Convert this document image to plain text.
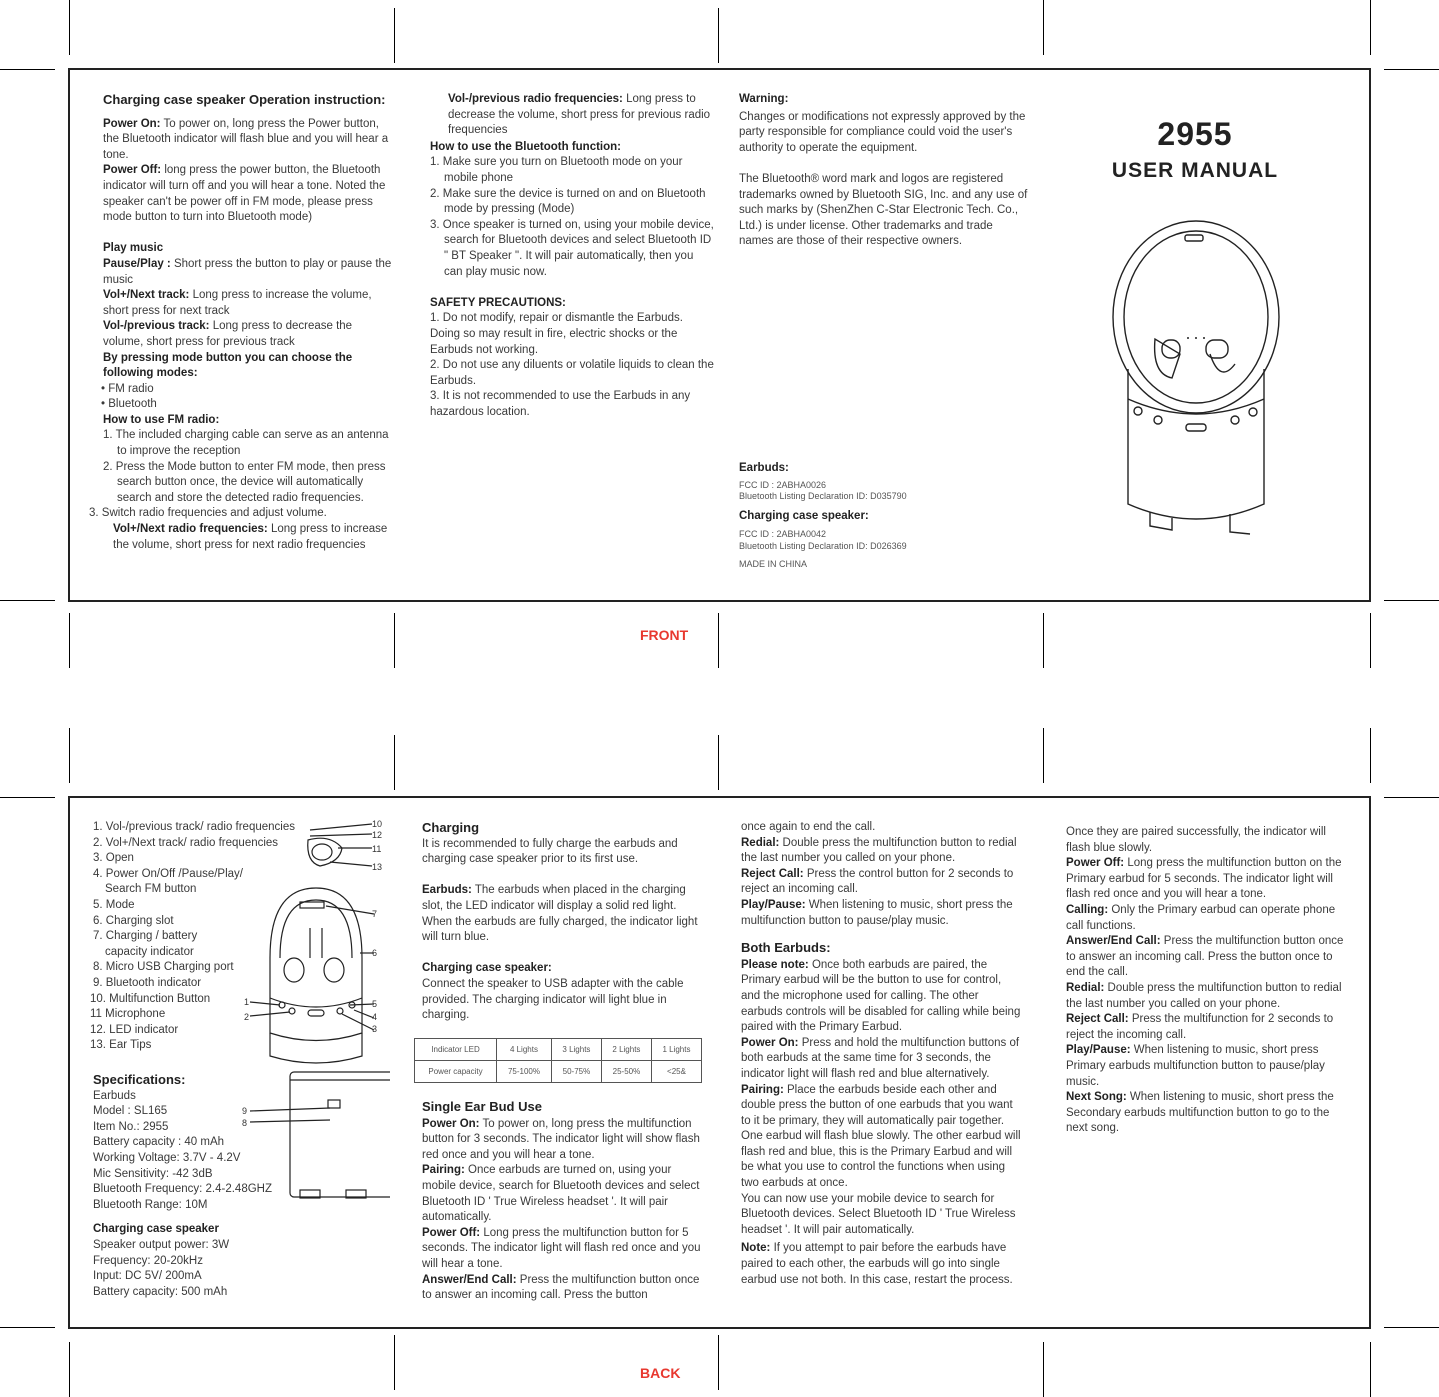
Charging case speaker Operation instruction:

Power On: To power on, long press the Power button, the Bluetooth indicator will flash blue and you will hear a tone.

Power Off: long press the power button, the Bluetooth indicator will turn off and you will hear a tone. Noted the speaker can't be power off in FM mode, please press mode button to turn into Bluetooth mode)

Play music

Pause/Play : Short press the button to play or pause the music

Vol+/Next track: Long press to increase the volume, short press for next track

Vol-/previous track: Long press to decrease the volume, short press for previous track

By pressing mode button you can choose the following modes:

• FM radio

• Bluetooth

How to use FM radio:

1. The included charging cable can serve as an antenna to improve the reception

2. Press the Mode button to enter FM mode, then press search button once, the device will automatically search and store the detected radio frequencies.

3. Switch radio frequencies and adjust volume.

Vol+/Next radio frequencies: Long press to increase the volume, short press for next radio frequencies

Vol-/previous radio frequencies: Long press to decrease the volume, short press for previous radio frequencies

How to use the Bluetooth function:

1. Make sure you turn on Bluetooth mode on your mobile phone

2. Make sure the device is turned on and on Bluetooth mode by pressing (Mode)

3. Once speaker is turned on, using your mobile device, search for Bluetooth devices and select Bluetooth ID " BT Speaker ". It will pair automatically, then you can play music now.

SAFETY PRECAUTIONS:

1. Do not modify, repair or dismantle the Earbuds. Doing so may result in fire, electric shocks or the Earbuds not working.

2. Do not use any diluents or volatile liquids to clean the Earbuds.

3. It is not recommended to use the Earbuds in any hazardous location.

Warning:

Changes or modifications not expressly approved by the party responsible for compliance could void the user's authority to operate the equipment.

The Bluetooth® word mark and logos are registered trademarks owned by Bluetooth SIG, Inc. and any use of such marks by (ShenZhen C-Star Electronic Tech. Co., Ltd.) is under license. Other trademarks and trade names are those of their respective owners.

Earbuds:

FCC ID : 2ABHA0026

Bluetooth Listing Declaration ID: D035790

Charging case speaker:

FCC ID : 2ABHA0042

Bluetooth Listing Declaration ID: D026369

MADE IN CHINA

2955
USER MANUAL
FRONT

1. Vol-/previous track/ radio frequencies

2. Vol+/Next track/ radio frequencies

3. Open

4. Power On/Off /Pause/Play/ Search FM button

5. Mode

6. Charging slot

7. Charging / battery capacity indicator

8. Micro USB Charging port

9. Bluetooth indicator

10. Multifunction Button

11 Microphone

12. LED indicator

13. Ear Tips

10
12
11
13
7
6
1
2
5
4
3
9
8

Specifications:

Earbuds

Model : SL165

Item No.: 2955

Battery capacity : 40 mAh

Working Voltage: 3.7V - 4.2V

Mic Sensitivity: -42 3dB

Bluetooth Frequency: 2.4-2.48GHZ

Bluetooth Range: 10M

Charging case speaker

Speaker output power: 3W

Frequency: 20-20kHz

Input: DC 5V/ 200mA

Battery capacity: 500 mAh

Charging

It is recommended to fully charge the earbuds and charging case speaker prior to its first use.

Earbuds: The earbuds when placed in the charging slot, the LED indicator will display a solid red light. When the earbuds are fully charged, the indicator light will turn blue.

Charging case speaker:

Connect the speaker to USB adapter with the cable provided. The charging indicator will light blue in charging.

Indicator LED	4 Lights	3 Lights	2 Lights	1 Lights
Power capacity	75-100%	50-75%	25-50%	<25&

Single Ear Bud Use

Power On: To power on, long press the multifunction button for 3 seconds. The indicator light will show flash red once and you will hear a tone.

Pairing: Once earbuds are turned on, using your mobile device, search for Bluetooth devices and select Bluetooth ID ' True Wireless headset '. It will pair automatically.

Power Off: Long press the multifunction button for 5 seconds. The indicator light will flash red once and you will hear a tone.

Answer/End Call: Press the multifunction button once to answer an incoming call. Press the button

once again to end the call.

Redial: Double press the multifunction button to redial the last number you called on your phone.

Reject Call: Press the control button for 2 seconds to reject an incoming call.

Play/Pause: When listening to music, short press the multifunction button to pause/play music.

Both Earbuds:

Please note: Once both earbuds are paired, the Primary earbud will be the button to use for control, and the microphone used for calling. The other earbuds controls will be disabled for calling while being paired with the Primary Earbud.

Power On: Press and hold the multifunction buttons of both earbuds at the same time for 3 seconds, the indicator light will flash red and blue alternatively.

Pairing: Place the earbuds beside each other and double press the button of one earbuds that you want to it be primary, they will automatically pair together. One earbud will flash blue slowly. The other earbud will flash red and blue, this is the Primary Earbud and will be what you use to control the functions when using two earbuds at once.

You can now use your mobile device to search for Bluetooth devices. Select Bluetooth ID ' True Wireless headset '. It will pair automatically.

Note: If you attempt to pair before the earbuds have paired to each other, the earbuds will go into single earbud use not both. In this case, restart the process.

Once they are paired successfully, the indicator will flash blue slowly.

Power Off: Long press the multifunction button on the Primary earbud for 5 seconds. The indicator light will flash red once and you will hear a tone.

Calling: Only the Primary earbud can operate phone call functions.

Answer/End Call: Press the multifunction button once to answer an incoming call. Press the button once to end the call.

Redial: Double press the multifunction button to redial the last number you called on your phone.

Reject Call: Press the multifunction for 2 seconds to reject the incoming call.

Play/Pause: When listening to music, short press Primary earbuds multifunction button to pause/play music.

Next Song: When listening to music, short press the Secondary earbuds multifunction button to go to the next song.

BACK
